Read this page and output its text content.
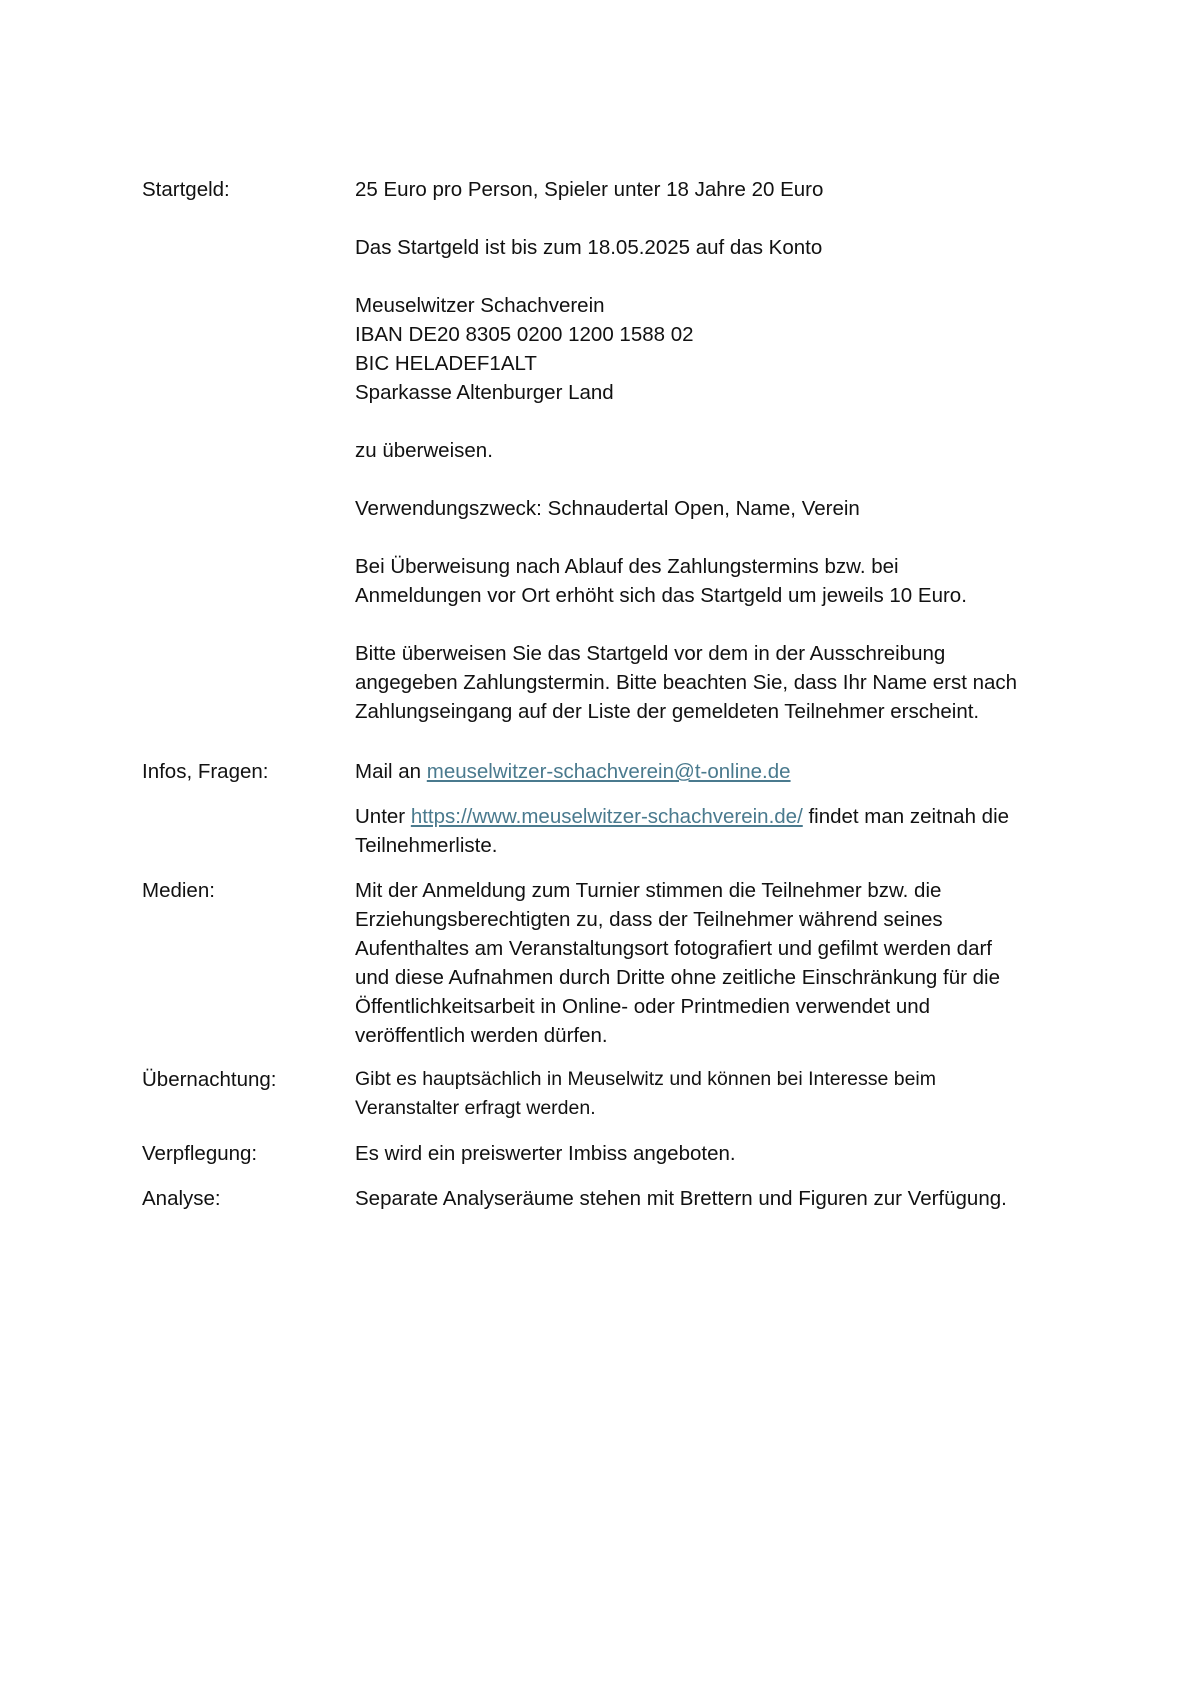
Startgeld:	25 Euro pro Person, Spieler unter 18 Jahre 20 Euro

Das Startgeld ist bis zum 18.05.2025 auf das Konto

Meuselwitzer Schachverein
IBAN DE20 8305 0200 1200 1588 02
BIC HELADEF1ALT
Sparkasse Altenburger Land

zu überweisen.

Verwendungszweck: Schnaudertal Open, Name, Verein

Bei Überweisung nach Ablauf des Zahlungstermins bzw. bei
Anmeldungen vor Ort erhöht sich das Startgeld um jeweils 10 Euro.

Bitte überweisen Sie das Startgeld vor dem in der Ausschreibung
angegeben Zahlungstermin. Bitte beachten Sie, dass Ihr Name erst nach
Zahlungseingang auf der Liste der gemeldeten Teilnehmer erscheint.

Infos, Fragen:	Mail an meuselwitzer-schachverein@t-online.de

Unter https://www.meuselwitzer-schachverein.de/ findet man zeitnah die
Teilnehmerliste.

Medien:	Mit der Anmeldung zum Turnier stimmen die Teilnehmer bzw. die
Erziehungsberechtigten zu, dass der Teilnehmer während seines
Aufenthaltes am Veranstaltungsort fotografiert und gefilmt werden darf
und diese Aufnahmen durch Dritte ohne zeitliche Einschränkung für die
Öffentlichkeitsarbeit in Online- oder Printmedien verwendet und
veröffentlich werden dürfen.

Übernachtung:	Gibt es hauptsächlich in Meuselwitz und können bei Interesse beim
Veranstalter erfragt werden.

Verpflegung:	Es wird ein preiswerter Imbiss angeboten.

Analyse:	Separate Analyseräume stehen mit Brettern und Figuren zur Verfügung.
